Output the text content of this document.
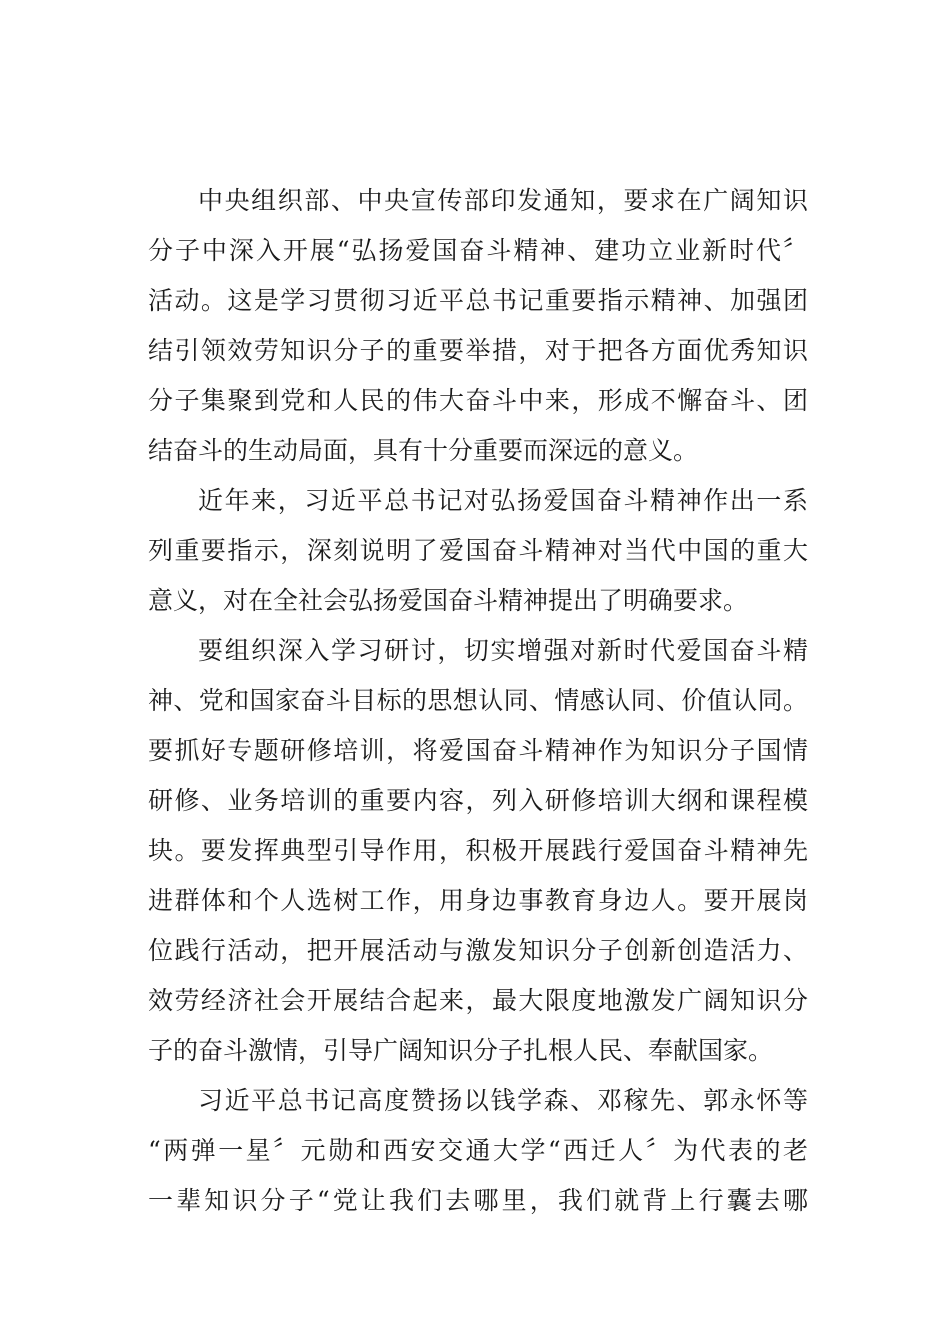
中央组织部、中央宣传部印发通知，要求在广阔知识
分子中深入开展“弘扬爱国奋斗精神、建功立业新时代〞
活动。这是学习贯彻习近平总书记重要指示精神、加强团
结引领效劳知识分子的重要举措，对于把各方面优秀知识
分子集聚到党和人民的伟大奋斗中来，形成不懈奋斗、团
结奋斗的生动局面，具有十分重要而深远的意义。
近年来，习近平总书记对弘扬爱国奋斗精神作出一系
列重要指示，深刻说明了爱国奋斗精神对当代中国的重大
意义，对在全社会弘扬爱国奋斗精神提出了明确要求。
要组织深入学习研讨，切实增强对新时代爱国奋斗精
神、党和国家奋斗目标的思想认同、情感认同、价值认同。
要抓好专题研修培训，将爱国奋斗精神作为知识分子国情
研修、业务培训的重要内容，列入研修培训大纲和课程模
块。要发挥典型引导作用，积极开展践行爱国奋斗精神先
进群体和个人选树工作，用身边事教育身边人。要开展岗
位践行活动，把开展活动与激发知识分子创新创造活力、
效劳经济社会开展结合起来，最大限度地激发广阔知识分
子的奋斗激情，引导广阔知识分子扎根人民、奉献国家。
习近平总书记高度赞扬以钱学森、邓稼先、郭永怀等
“两弹一星〞元勋和西安交通大学“西迁人〞为代表的老
一辈知识分子“党让我们去哪里，我们就背上行囊去哪
